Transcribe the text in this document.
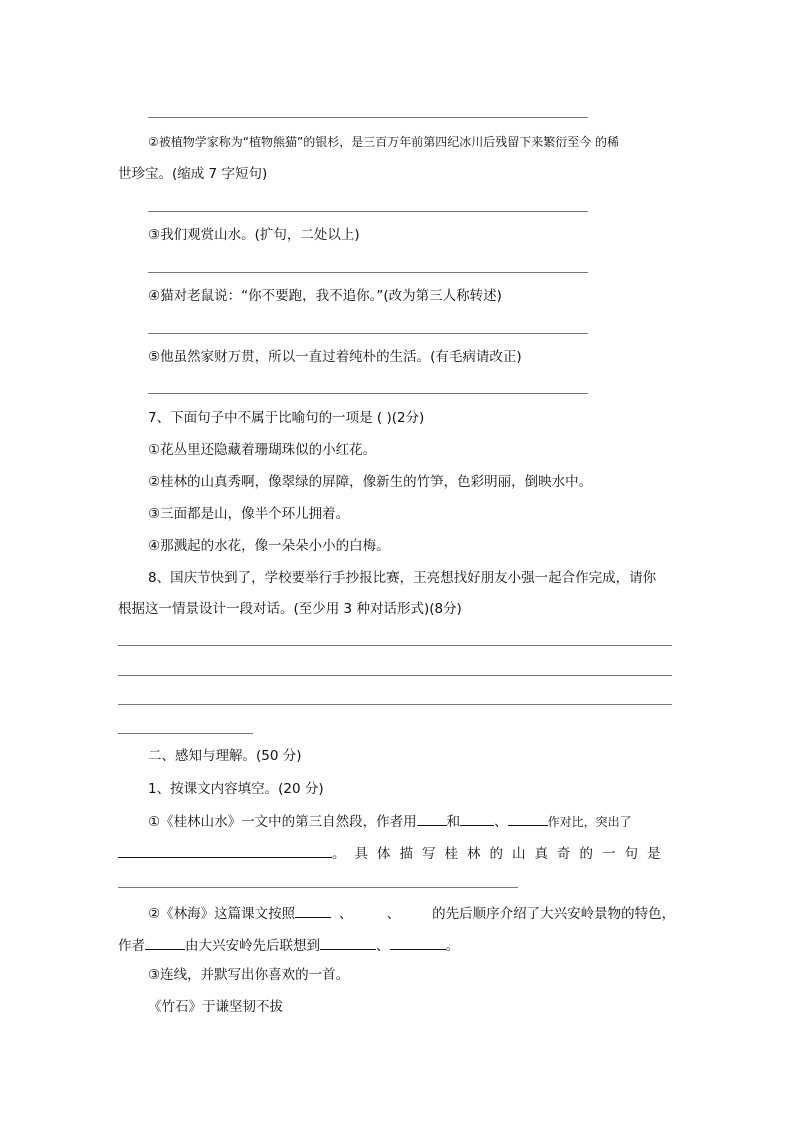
②被植物学家称为“植物熊猫”的银杉，是三百万年前第四纪冰川后残留下来繁衍至今 的稀
世珍宝。(缩成 7 字短句)
③我们观赏山水。(扩句，二处以上)
④猫对老鼠说：“你不要跑，我不追你。”(改为第三人称转述)
⑤他虽然家财万贯，所以一直过着纯朴的生活。(有毛病请改正)
7、下面句子中不属于比喻句的一项是 ( )(2分)
①花丛里还隐藏着珊瑚珠似的小红花。
②桂林的山真秀啊，像翠绿的屏障，像新生的竹笋，色彩明丽，倒映水中。
③三面都是山，像半个环儿拥着。
④那溅起的水花，像一朵朵小小的白梅。
8、国庆节快到了，学校要举行手抄报比赛，王亮想找好朋友小强一起合作完成，请你
根据这一情景设计一段对话。(至少用 3 种对话形式)(8分)
二、感知与理解。(50 分)
1、按课文内容填空。(20 分)
①《桂林山水》一文中的第三自然段，作者用 和	、	作对比，突出了
。具体描写桂林的山真奇的一句是
②《林海》这篇课文按照	、	、 的先后顺序介绍了大兴安岭景物的特色，
作者	由大兴安岭先后联想到	、	。
③连线，并默写出你喜欢的一首。
《竹石》于谦坚韧不拔
